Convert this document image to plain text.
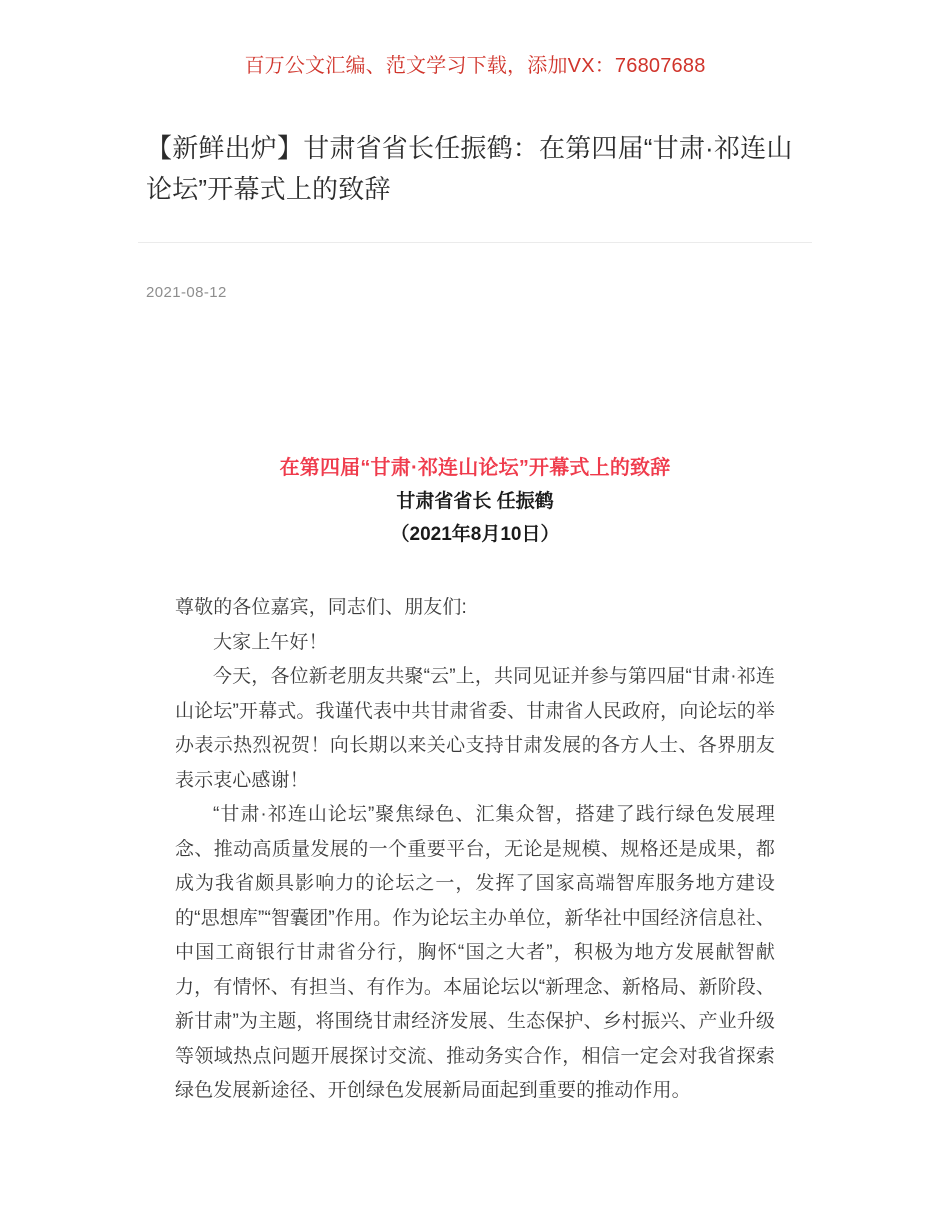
百万公文汇编、范文学习下载，添加VX：76807688
【新鲜出炉】甘肃省省长任振鹤：在第四届“甘肃·祁连山论坛”开幕式上的致辞
2021-08-12
在第四届“甘肃·祁连山论坛”开幕式上的致辞
甘肃省省长 任振鹤
（2021年8月10日）

尊敬的各位嘉宾，同志们、朋友们:

大家上午好！

今天，各位新老朋友共聚“云”上，共同见证并参与第四届“甘肃·祁连山论坛”开幕式。我谨代表中共甘肃省委、甘肃省人民政府，向论坛的举办表示热烈祝贺！向长期以来关心支持甘肃发展的各方人士、各界朋友表示衷心感谢！

“甘肃·祁连山论坛”聚焦绿色、汇集众智，搭建了践行绿色发展理念、推动高质量发展的一个重要平台，无论是规模、规格还是成果，都成为我省颇具影响力的论坛之一，发挥了国家高端智库服务地方建设的“思想库”“智囊团”作用。作为论坛主办单位，新华社中国经济信息社、中国工商银行甘肃省分行，胸怀“国之大者”，积极为地方发展献智献力，有情怀、有担当、有作为。本届论坛以“新理念、新格局、新阶段、新甘肃”为主题，将围绕甘肃经济发展、生态保护、乡村振兴、产业升级等领域热点问题开展探讨交流、推动务实合作，相信一定会对我省探索绿色发展新途径、开创绿色发展新局面起到重要的推动作用。
